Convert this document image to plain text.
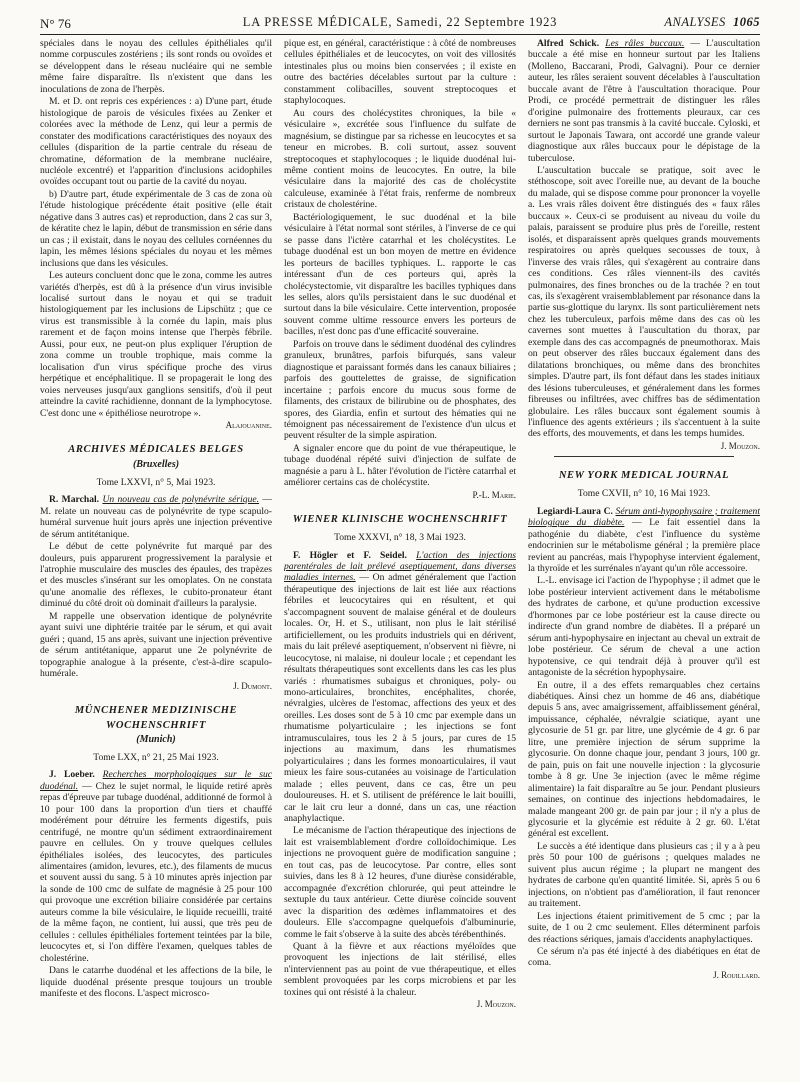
N° 76	LA PRESSE MÉDICALE, Samedi, 22 Septembre 1923	ANALYSES 1065

spéciales dans le noyau des cellules épithéliales qu'il nomme corpuscules zostériens ; ils sont ronds ou ovoïdes et se développent dans le réseau nucléaire qui ne semble même faire disparaître. Ils n'existent que dans les inoculations de zona de l'herpès.

M. et D. ont repris ces expériences : a) D'une part, étude histologique de parois de vésicules fixées au Zenker et colorées avec la méthode de Lenz, qui leur a permis de constater des modifications caractéristiques des noyaux des cellules (disparition de la partie centrale du réseau de chromatine, déformation de la membrane nucléaire, nucléole excentré) et l'apparition d'inclusions acidophiles ovoïdes occupant tout ou partie de la cavité du noyau.

b) D'autre part, étude expérimentale de 3 cas de zona où l'étude histologique précédente était positive (elle était négative dans 3 autres cas) et reproduction, dans 2 cas sur 3, de kératite chez le lapin, début de transmission en série dans un cas ; il existait, dans le noyau des cellules cornéennes du lapin, les mêmes lésions spéciales du noyau et les mêmes inclusions que dans les vésicules.

Les auteurs concluent donc que le zona, comme les autres variétés d'herpès, est dû à la présence d'un virus invisible localisé surtout dans le noyau et qui se traduit histologiquement par les inclusions de Lipschütz ; que ce virus est transmissible à la cornée du lapin, mais plus rarement et de façon moins intense que l'herpès fébrile. Aussi, pour eux, ne peut-on plus expliquer l'éruption de zona comme un trouble trophique, mais comme la localisation d'un virus spécifique proche des virus herpétique et encéphalitique. Il se propagerait le long des voies nerveuses jusqu'aux ganglions sensitifs, d'où il peut atteindre la cavité rachidienne, donnant de la lymphocytose. C'est donc une « épithéliose neurotrope ».

Alajouanine.
ARCHIVES MÉDICALES BELGES
(Bruxelles)
Tome LXXVI, n° 5, Mai 1923.

R. Marchal. Un nouveau cas de polynévrite sérique. — M. relate un nouveau cas de polynévrite de type scapulo-huméral survenue huit jours après une injection préventive de sérum antitétanique.

Le début de cette polynévrite fut marqué par des douleurs, puis apparurent progressivement la paralysie et l'atrophie musculaire des muscles des épaules, des trapèzes et des muscles s'insérant sur les omoplates. On ne constata qu'une anomalie des réflexes, le cubito-pronateur étant diminué du côté droit où dominait d'ailleurs la paralysie.

M rappelle une observation identique de polynévrite ayant suivi une diphtérie traitée par le sérum, et qui avait guéri ; quand, 15 ans après, suivant une injection préventive de sérum antitétanique, apparut une 2e polynévrite de topographie analogue à la présente, c'est-à-dire scapulo-humérale.

J. Dumont.
MÜNCHENER MEDIZINISCHE
WOCHENSCHRIFT
(Munich)
Tome LXX, n° 21, 25 Mai 1923.

J. Loeber. Recherches morphologiques sur le suc duodénal. — Chez le sujet normal, le liquide retiré après repas d'épreuve par tubage duodénal, additionné de formol à 10 pour 100 dans la proportion d'un tiers et chauffé modérément pour détruire les ferments digestifs, puis centrifugé, ne montre qu'un sédiment extraordinairement pauvre en cellules. On y trouve quelques cellules épithéliales isolées, des leucocytes, des particules alimentaires (amidon, levures, etc.), des filaments de mucus et souvent aussi du sang. 5 à 10 minutes après injection par la sonde de 100 cmc de sulfate de magnésie à 25 pour 100 qui provoque une excrétion biliaire considérée par certains auteurs comme la bile vésiculaire, le liquide recueilli, traité de la même façon, ne contient, lui aussi, que très peu de cellules : cellules épithéliales fortement teintées par la bile, leucocytes et, si l'on diffère l'examen, quelques tables de cholestérine.

Dans le catarrhe duodénal et les affections de la bile, le liquide duodénal présente presque toujours un trouble manifeste et des flocons. L'aspect microsco-

pique est, en général, caractéristique : à côté de nombreuses cellules épithéliales et de leucocytes, on voit des villosités intestinales plus ou moins bien conservées ; il existe en outre des bactéries décelables surtout par la culture : constamment colibacilles, souvent streptocoques et staphylocoques.

Au cours des cholécystites chroniques, la bile « vésiculaire », excrétée sous l'influence du sulfate de magnésium, se distingue par sa richesse en leucocytes et sa teneur en microbes. B. coli surtout, assez souvent streptocoques et staphylocoques ; le liquide duodénal lui-même contient moins de leucocytes. En outre, la bile vésiculaire dans la majorité des cas de cholécystite calculeuse, examinée à l'état frais, renferme de nombreux cristaux de cholestérine.

Bactériologiquement, le suc duodénal et la bile vésiculaire à l'état normal sont stériles, à l'inverse de ce qui se passe dans l'ictère catarrhal et les cholécystites. Le tubage duodénal est un bon moyen de mettre en évidence les porteurs de bacilles typhiques. L. rapporte le cas intéressant d'un de ces porteurs qui, après la cholécystectomie, vit disparaître les bacilles typhiques dans les selles, alors qu'ils persistaient dans le suc duodénal et surtout dans la bile vésiculaire. Cette intervention, proposée souvent comme ultime ressource envers les porteurs de bacilles, n'est donc pas d'une efficacité souveraine.

Parfois on trouve dans le sédiment duodénal des cylindres granuleux, brunâtres, parfois bifurqués, sans valeur diagnostique et paraissant formés dans les canaux biliaires ; parfois des gouttelettes de graisse, de signification incertaine ; parfois encore du mucus sous forme de filaments, des cristaux de bilirubine ou de phosphates, des spores, des Giardia, enfin et surtout des hématies qui ne témoignent pas nécessairement de l'existence d'un ulcus et peuvent résulter de la simple aspiration.

A signaler encore que du point de vue thérapeutique, le tubage duodénal répété suivi d'injection de sulfate de magnésie a paru à L. hâter l'évolution de l'ictère catarrhal et améliorer certains cas de cholécystite.

P.-L. Marie.
WIENER KLINISCHE WOCHENSCHRIFT
Tome XXXVI, n° 18, 3 Mai 1923.

F. Högler et F. Seidel. L'action des injections parentérales de lait prélevé aseptiquement, dans diverses maladies internes. — On admet généralement que l'action thérapeutique des injections de lait est liée aux réactions fébriles et leucocytaires qui en résultent, et qui s'accompagnent souvent de malaise général et de douleurs locales. Or, H. et S., utilisant, non plus le lait stérilisé artificiellement, ou les produits industriels qui en dérivent, mais du lait prélevé aseptiquement, n'observent ni fièvre, ni leucocytose, ni malaise, ni douleur locale ; et cependant les résultats thérapeutiques sont excellents dans les cas les plus variés : rhumatismes subaigus et chroniques, poly- ou mono-articulaires, bronchites, encéphalites, chorée, névralgies, ulcères de l'estomac, affections des yeux et des oreilles. Les doses sont de 5 à 10 cmc par exemple dans un rhumatisme polyarticulaire ; les injections se font intramusculaires, tous les 2 à 5 jours, par cures de 15 injections au maximum, dans les rhumatismes polyarticulaires ; dans les formes monoarticulaires, il vaut mieux les faire sous-cutanées au voisinage de l'articulation malade ; elles peuvent, dans ce cas, être un peu douloureuses. H. et S. utilisent de préférence le lait bouilli, car le lait cru leur a donné, dans un cas, une réaction anaphylactique.

Le mécanisme de l'action thérapeutique des injections de lait est vraisemblablement d'ordre colloïdochimique. Les injections ne provoquent guère de modification sanguine ; en tout cas, pas de leucocytose. Par contre, elles sont suivies, dans les 8 à 12 heures, d'une diurèse considérable, accompagnée d'excrétion chlorurée, qui peut atteindre le sextuple du taux antérieur. Cette diurèse coïncide souvent avec la disparition des œdèmes inflammatoires et des douleurs. Elle s'accompagne quelquefois d'albuminurie, comme le fait s'observe à la suite des abcès térébenthinés.

Quant à la fièvre et aux réactions myéloïdes que provoquent les injections de lait stérilisé, elles n'interviennent pas au point de vue thérapeutique, et elles semblent provoquées par les corps microbiens et par les toxines qui ont résisté à la chaleur.

J. Mouzon.

Alfred Schick. Les râles buccaux. — L'auscultation buccale a été mise en honneur surtout par les Italiens (Molleno, Baccarani, Prodi, Galvagni). Pour ce dernier auteur, les râles seraient souvent décelables à l'auscultation buccale avant de l'être à l'auscultation thoracique. Pour Prodi, ce procédé permettrait de distinguer les râles d'origine pulmonaire des frottements pleuraux, car ces derniers ne sont pas transmis à la cavité buccale. Cyloski, et surtout le Japonais Tawara, ont accordé une grande valeur diagnostique aux râles buccaux pour le dépistage de la tuberculose.

L'auscultation buccale se pratique, soit avec le stéthoscope, soit avec l'oreille nue, au devant de la bouche du malade, qui se dispose comme pour prononcer la voyelle a. Les vrais râles doivent être distingués des « faux râles buccaux ». Ceux-ci se produisent au niveau du voile du palais, paraissent se produire plus près de l'oreille, restent isolés, et disparaissent après quelques grands mouvements respiratoires ou après quelques secousses de toux, à l'inverse des vrais râles, qui s'exagèrent au contraire dans ces conditions. Ces râles viennent-ils des cavités pulmonaires, des fines bronches ou de la trachée ? en tout cas, ils s'exagèrent vraisemblablement par résonance dans la partie sus-glottique du larynx. Ils sont particulièrement nets chez les tuberculeux, parfois même dans des cas où les cavernes sont muettes à l'auscultation du thorax, par exemple dans des cas accompagnés de pneumothorax. Mais on peut observer des râles buccaux également dans des dilatations bronchiques, ou même dans des bronchites simples. D'autre part, ils font défaut dans les stades initiaux des lésions tuberculeuses, et généralement dans les formes fibreuses ou infiltrées, avec chiffres bas de sédimentation globulaire. Les râles buccaux sont également soumis à l'influence des agents extérieurs ; ils s'accentuent à la suite des efforts, des mouvements, et dans les temps humides.

J. Mouzon.
NEW YORK MEDICAL JOURNAL
Tome CXVII, n° 10, 16 Mai 1923.

Legiardi-Laura C. Sérum anti-hypophysaire ; traitement biologique du diabète. — Le fait essentiel dans la pathogénie du diabète, c'est l'influence du système endocrinien sur le métabolisme général ; la première place revient au pancréas, mais l'hypophyse intervient également, la thyroïde et les surrénales n'ayant qu'un rôle accessoire.

L.-L. envisage ici l'action de l'hypophyse ; il admet que le lobe postérieur intervient activement dans le métabolisme des hydrates de carbone, et qu'une production excessive d'hormones par ce lobe postérieur est la cause directe ou indirecte d'un grand nombre de diabètes. Il a préparé un sérum anti-hypophysaire en injectant au cheval un extrait de lobe postérieur. Ce sérum de cheval a une action hypotensive, ce qui tendrait déjà à prouver qu'il est antagoniste de la sécrétion hypophysaire.

En outre, il a des effets remarquables chez certains diabétiques. Ainsi chez un homme de 46 ans, diabétique depuis 5 ans, avec amaigrissement, affaiblissement général, impuissance, céphalée, névralgie sciatique, ayant une glycosurie de 51 gr. par litre, une glycémie de 4 gr. 6 par litre, une première injection de sérum supprime la glycosurie. On donne chaque jour, pendant 3 jours, 100 gr. de pain, puis on fait une nouvelle injection : la glycosurie tombe à 8 gr. Une 3e injection (avec le même régime alimentaire) la fait disparaître au 5e jour. Pendant plusieurs semaines, on continue des injections hebdomadaires, le malade mangeant 200 gr. de pain par jour ; il n'y a plus de glycosurie et la glycémie est réduite à 2 gr. 60. L'état général est excellent.

Le succès a été identique dans plusieurs cas ; il y a à peu près 50 pour 100 de guérisons ; quelques malades ne suivent plus aucun régime ; la plupart ne mangent des hydrates de carbone qu'en quantité limitée. Si, après 5 ou 6 injections, on n'obtient pas d'amélioration, il faut renoncer au traitement.

Les injections étaient primitivement de 5 cmc ; par la suite, de 1 ou 2 cmc seulement. Elles déterminent parfois des réactions sériques, jamais d'accidents anaphylactiques.

Ce sérum n'a pas été injecté à des diabétiques en état de coma.

J. Rouillard.
